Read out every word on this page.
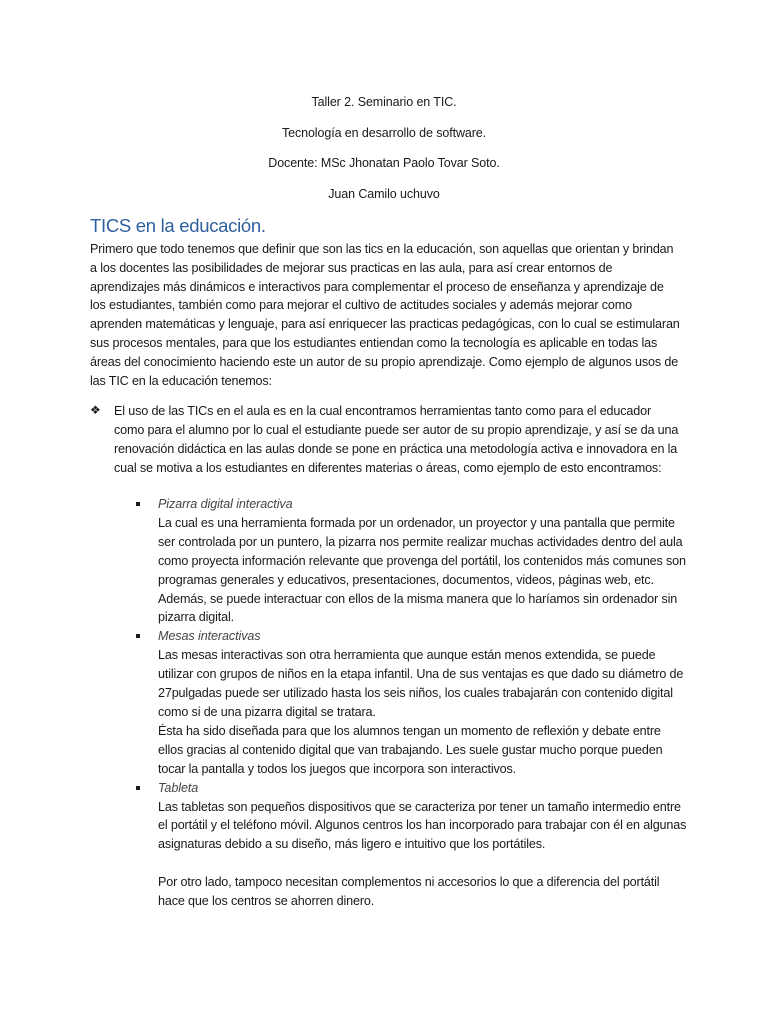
Taller 2. Seminario en TIC.
Tecnología en desarrollo de software.
Docente: MSc Jhonatan Paolo Tovar Soto.
Juan Camilo uchuvo
TICS en la educación.
Primero que todo tenemos que definir que son las tics en la educación, son aquellas que orientan y brindan a los docentes las posibilidades de mejorar sus practicas en las aula, para así crear entornos de aprendizajes más dinámicos e interactivos para complementar el proceso de enseñanza y aprendizaje de los estudiantes, también como para mejorar el cultivo de actitudes sociales y además mejorar como aprenden matemáticas y lenguaje, para así enriquecer las practicas pedagógicas, con lo cual se estimularan sus procesos mentales, para que los estudiantes entiendan como la tecnología es aplicable en todas las áreas del conocimiento haciendo este un autor de su propio aprendizaje. Como ejemplo de algunos usos de las TIC en la educación tenemos:
❖ El uso de las TICs en el aula es en la cual encontramos herramientas tanto como para el educador como para el alumno por lo cual el estudiante puede ser autor de su propio aprendizaje, y así se da una renovación didáctica en las aulas donde se pone en práctica una metodología activa e innovadora en la cual se motiva a los estudiantes en diferentes materias o áreas, como ejemplo de esto encontramos:
Pizarra digital interactiva
La cual es una herramienta formada por un ordenador, un proyector y una pantalla que permite ser controlada por un puntero, la pizarra nos permite realizar muchas actividades dentro del aula como proyecta información relevante que provenga del portátil, los contenidos más comunes son programas generales y educativos, presentaciones, documentos, videos, páginas web, etc. Además, se puede interactuar con ellos de la misma manera que lo haríamos sin ordenador sin pizarra digital.
Mesas interactivas
Las mesas interactivas son otra herramienta que aunque están menos extendida, se puede utilizar con grupos de niños en la etapa infantil. Una de sus ventajas es que dado su diámetro de 27pulgadas puede ser utilizado hasta los seis niños, los cuales trabajarán con contenido digital como si de una pizarra digital se tratara.
Ésta ha sido diseñada para que los alumnos tengan un momento de reflexión y debate entre ellos gracias al contenido digital que van trabajando. Les suele gustar mucho porque pueden tocar la pantalla y todos los juegos que incorpora son interactivos.
Tableta
Las tabletas son pequeños dispositivos que se caracteriza por tener un tamaño intermedio entre el portátil y el teléfono móvil. Algunos centros los han incorporado para trabajar con él en algunas asignaturas debido a su diseño, más ligero e intuitivo que los portátiles.
Por otro lado, tampoco necesitan complementos ni accesorios lo que a diferencia del portátil hace que los centros se ahorren dinero.
